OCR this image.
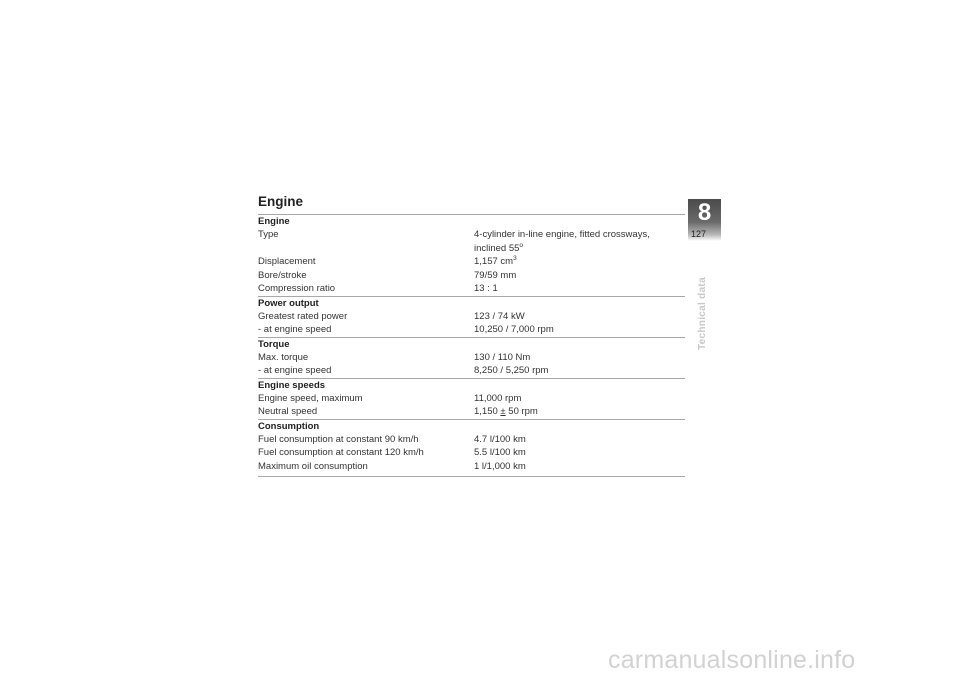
Engine
Engine
Type	4-cylinder in-line engine, fitted crossways,
inclined 55$^o$
Displacement	1,157 $cm^3$
Bore/stroke	79/59 mm
Compression ratio	13 : 1
Power output
Greatest rated power	123 / 74 kW
- at engine speed	10,250 / 7,000 rpm
Torque
Max. torque	130 / 110 Nm
- at engine speed	8,250 / 5,250 rpm
Engine speeds
Engine speed, maximum	11,000 rpm
Neutral speed	1,150 ± 50 rpm
Consumption
Fuel consumption at constant 90 km/h	4.7 l/100 km
Fuel consumption at constant 120 km/h	5.5 l/100 km
Maximum oil consumption	1 l/1,000 km
8
127
Technical data
carmanualsonline.info
